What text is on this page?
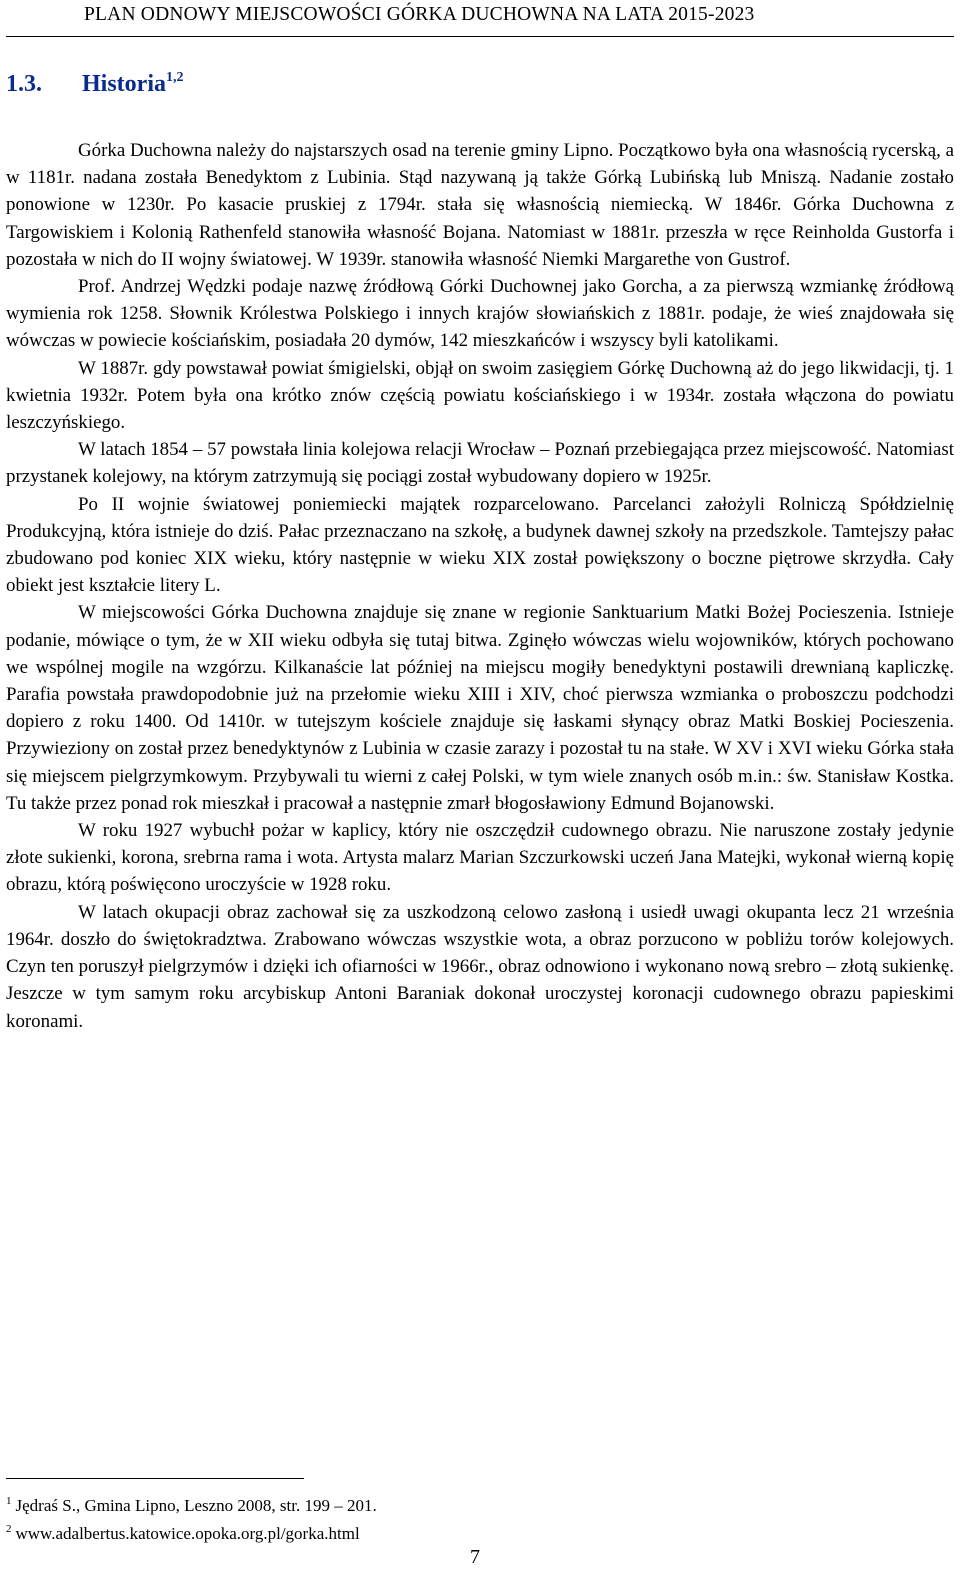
PLAN ODNOWY MIEJSCOWOŚCI GÓRKA DUCHOWNA NA LATA 2015-2023
1.3. Historia$^{1,2}$

Górka Duchowna należy do najstarszych osad na terenie gminy Lipno. Początkowo była ona własnością rycerską, a w 1181r. nadana została Benedyktom z Lubinia. Stąd nazywaną ją także Górką Lubińską lub Mniszą. Nadanie zostało ponowione w 1230r. Po kasacie pruskiej z 1794r. stała się własnością niemiecką. W 1846r. Górka Duchowna z Targowiskiem i Kolonią Rathenfeld stanowiła własność Bojana. Natomiast w 1881r. przeszła w ręce Reinholda Gustorfa i pozostała w nich do II wojny światowej. W 1939r. stanowiła własność Niemki Margarethe von Gustrof.

Prof. Andrzej Wędzki podaje nazwę źródłową Górki Duchownej jako Gorcha, a za pierwszą wzmiankę źródłową wymienia rok 1258. Słownik Królestwa Polskiego i innych krajów słowiańskich z 1881r. podaje, że wieś znajdowała się wówczas w powiecie kościańskim, posiadała 20 dymów, 142 mieszkańców i wszyscy byli katolikami.

W 1887r. gdy powstawał powiat śmigielski, objął on swoim zasięgiem Górkę Duchowną aż do jego likwidacji, tj. 1 kwietnia 1932r. Potem była ona krótko znów częścią powiatu kościańskiego i w 1934r. została włączona do powiatu leszczyńskiego.

W latach 1854 – 57 powstała linia kolejowa relacji Wrocław – Poznań przebiegająca przez miejscowość. Natomiast przystanek kolejowy, na którym zatrzymują się pociągi został wybudowany dopiero w 1925r.

Po II wojnie światowej poniemiecki majątek rozparcelowano. Parcelanci założyli Rolniczą Spółdzielnię Produkcyjną, która istnieje do dziś. Pałac przeznaczano na szkołę, a budynek dawnej szkoły na przedszkole. Tamtejszy pałac zbudowano pod koniec XIX wieku, który następnie w wieku XIX został powiększony o boczne piętrowe skrzydła. Cały obiekt jest kształcie litery L.

W miejscowości Górka Duchowna znajduje się znane w regionie Sanktuarium Matki Bożej Pocieszenia. Istnieje podanie, mówiące o tym, że w XII wieku odbyła się tutaj bitwa. Zginęło wówczas wielu wojowników, których pochowano we wspólnej mogile na wzgórzu. Kilkanaście lat później na miejscu mogiły benedyktyni postawili drewnianą kapliczkę. Parafia powstała prawdopodobnie już na przełomie wieku XIII i XIV, choć pierwsza wzmianka o proboszczu podchodzi dopiero z roku 1400. Od 1410r. w tutejszym kościele znajduje się łaskami słynący obraz Matki Boskiej Pocieszenia. Przywieziony on został przez benedyktynów z Lubinia w czasie zarazy i pozostał tu na stałe. W XV i XVI wieku Górka stała się miejscem pielgrzymkowym. Przybywali tu wierni z całej Polski, w tym wiele znanych osób m.in.: św. Stanisław Kostka. Tu także przez ponad rok mieszkał i pracował a następnie zmarł błogosławiony Edmund Bojanowski.

W roku 1927 wybuchł pożar w kaplicy, który nie oszczędził cudownego obrazu. Nie naruszone zostały jedynie złote sukienki, korona, srebrna rama i wota. Artysta malarz Marian Szczurkowski uczeń Jana Matejki, wykonał wierną kopię obrazu, którą poświęcono uroczyście w 1928 roku.

W latach okupacji obraz zachował się za uszkodzoną celowo zasłoną i usiedł uwagi okupanta lecz 21 września 1964r. doszło do świętokradztwa. Zrabowano wówczas wszystkie wota, a obraz porzucono w pobliżu torów kolejowych. Czyn ten poruszył pielgrzymów i dzięki ich ofiarności w 1966r., obraz odnowiono i wykonano nową srebro – złotą sukienkę. Jeszcze w tym samym roku arcybiskup Antoni Baraniak dokonał uroczystej koronacji cudownego obrazu papieskimi koronami.

$^1$ Jędraś S., Gmina Lipno, Leszno 2008, str. 199 – 201.
$^2$ www.adalbertus.katowice.opoka.org.pl/gorka.html
7
